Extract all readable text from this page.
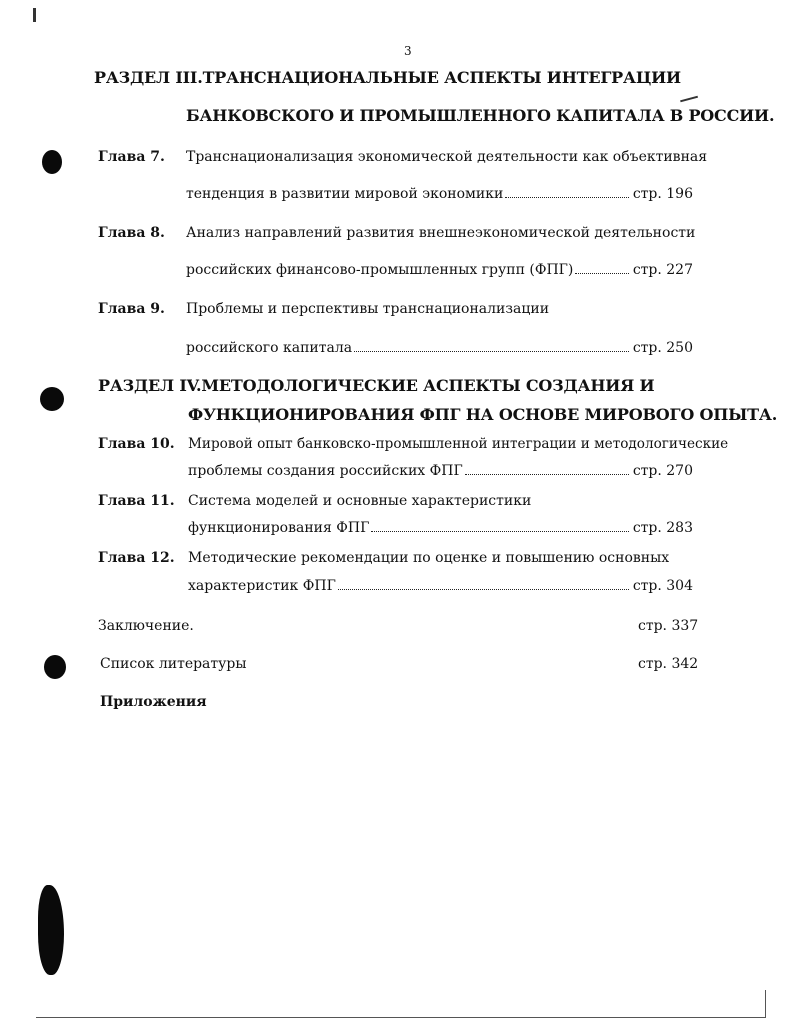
3
РАЗДЕЛ III.ТРАНСНАЦИОНАЛЬНЫЕ АСПЕКТЫ ИНТЕГРАЦИИ
БАНКОВСКОГО И ПРОМЫШЛЕННОГО КАПИТАЛА В РОССИИ.
Глава 7. Транснационализация экономической деятельности как объективная
тенденция в развитии мировой экономики	стр. 196
Глава 8. Анализ направлений развития внешнеэкономической деятельности
российских финансово-промышленных групп (ФПГ)	стр. 227
Глава 9. Проблемы и перспективы транснационализации
российского капитала	стр. 250
РАЗДЕЛ IV.МЕТОДОЛОГИЧЕСКИЕ АСПЕКТЫ СОЗДАНИЯ И
ФУНКЦИОНИРОВАНИЯ ФПГ НА ОСНОВЕ МИРОВОГО ОПЫТА.
Глава 10. Мировой опыт банковско-промышленной интеграции и методологические
проблемы создания российских ФПГ	стр. 270
Глава 11. Система моделей и основные характеристики
функционирования ФПГ	стр. 283
Глава 12. Методические рекомендации по оценке и повышению основных
характеристик ФПГ	стр. 304
Заключение.	стр. 337
Список литературы	стр. 342
Приложения
